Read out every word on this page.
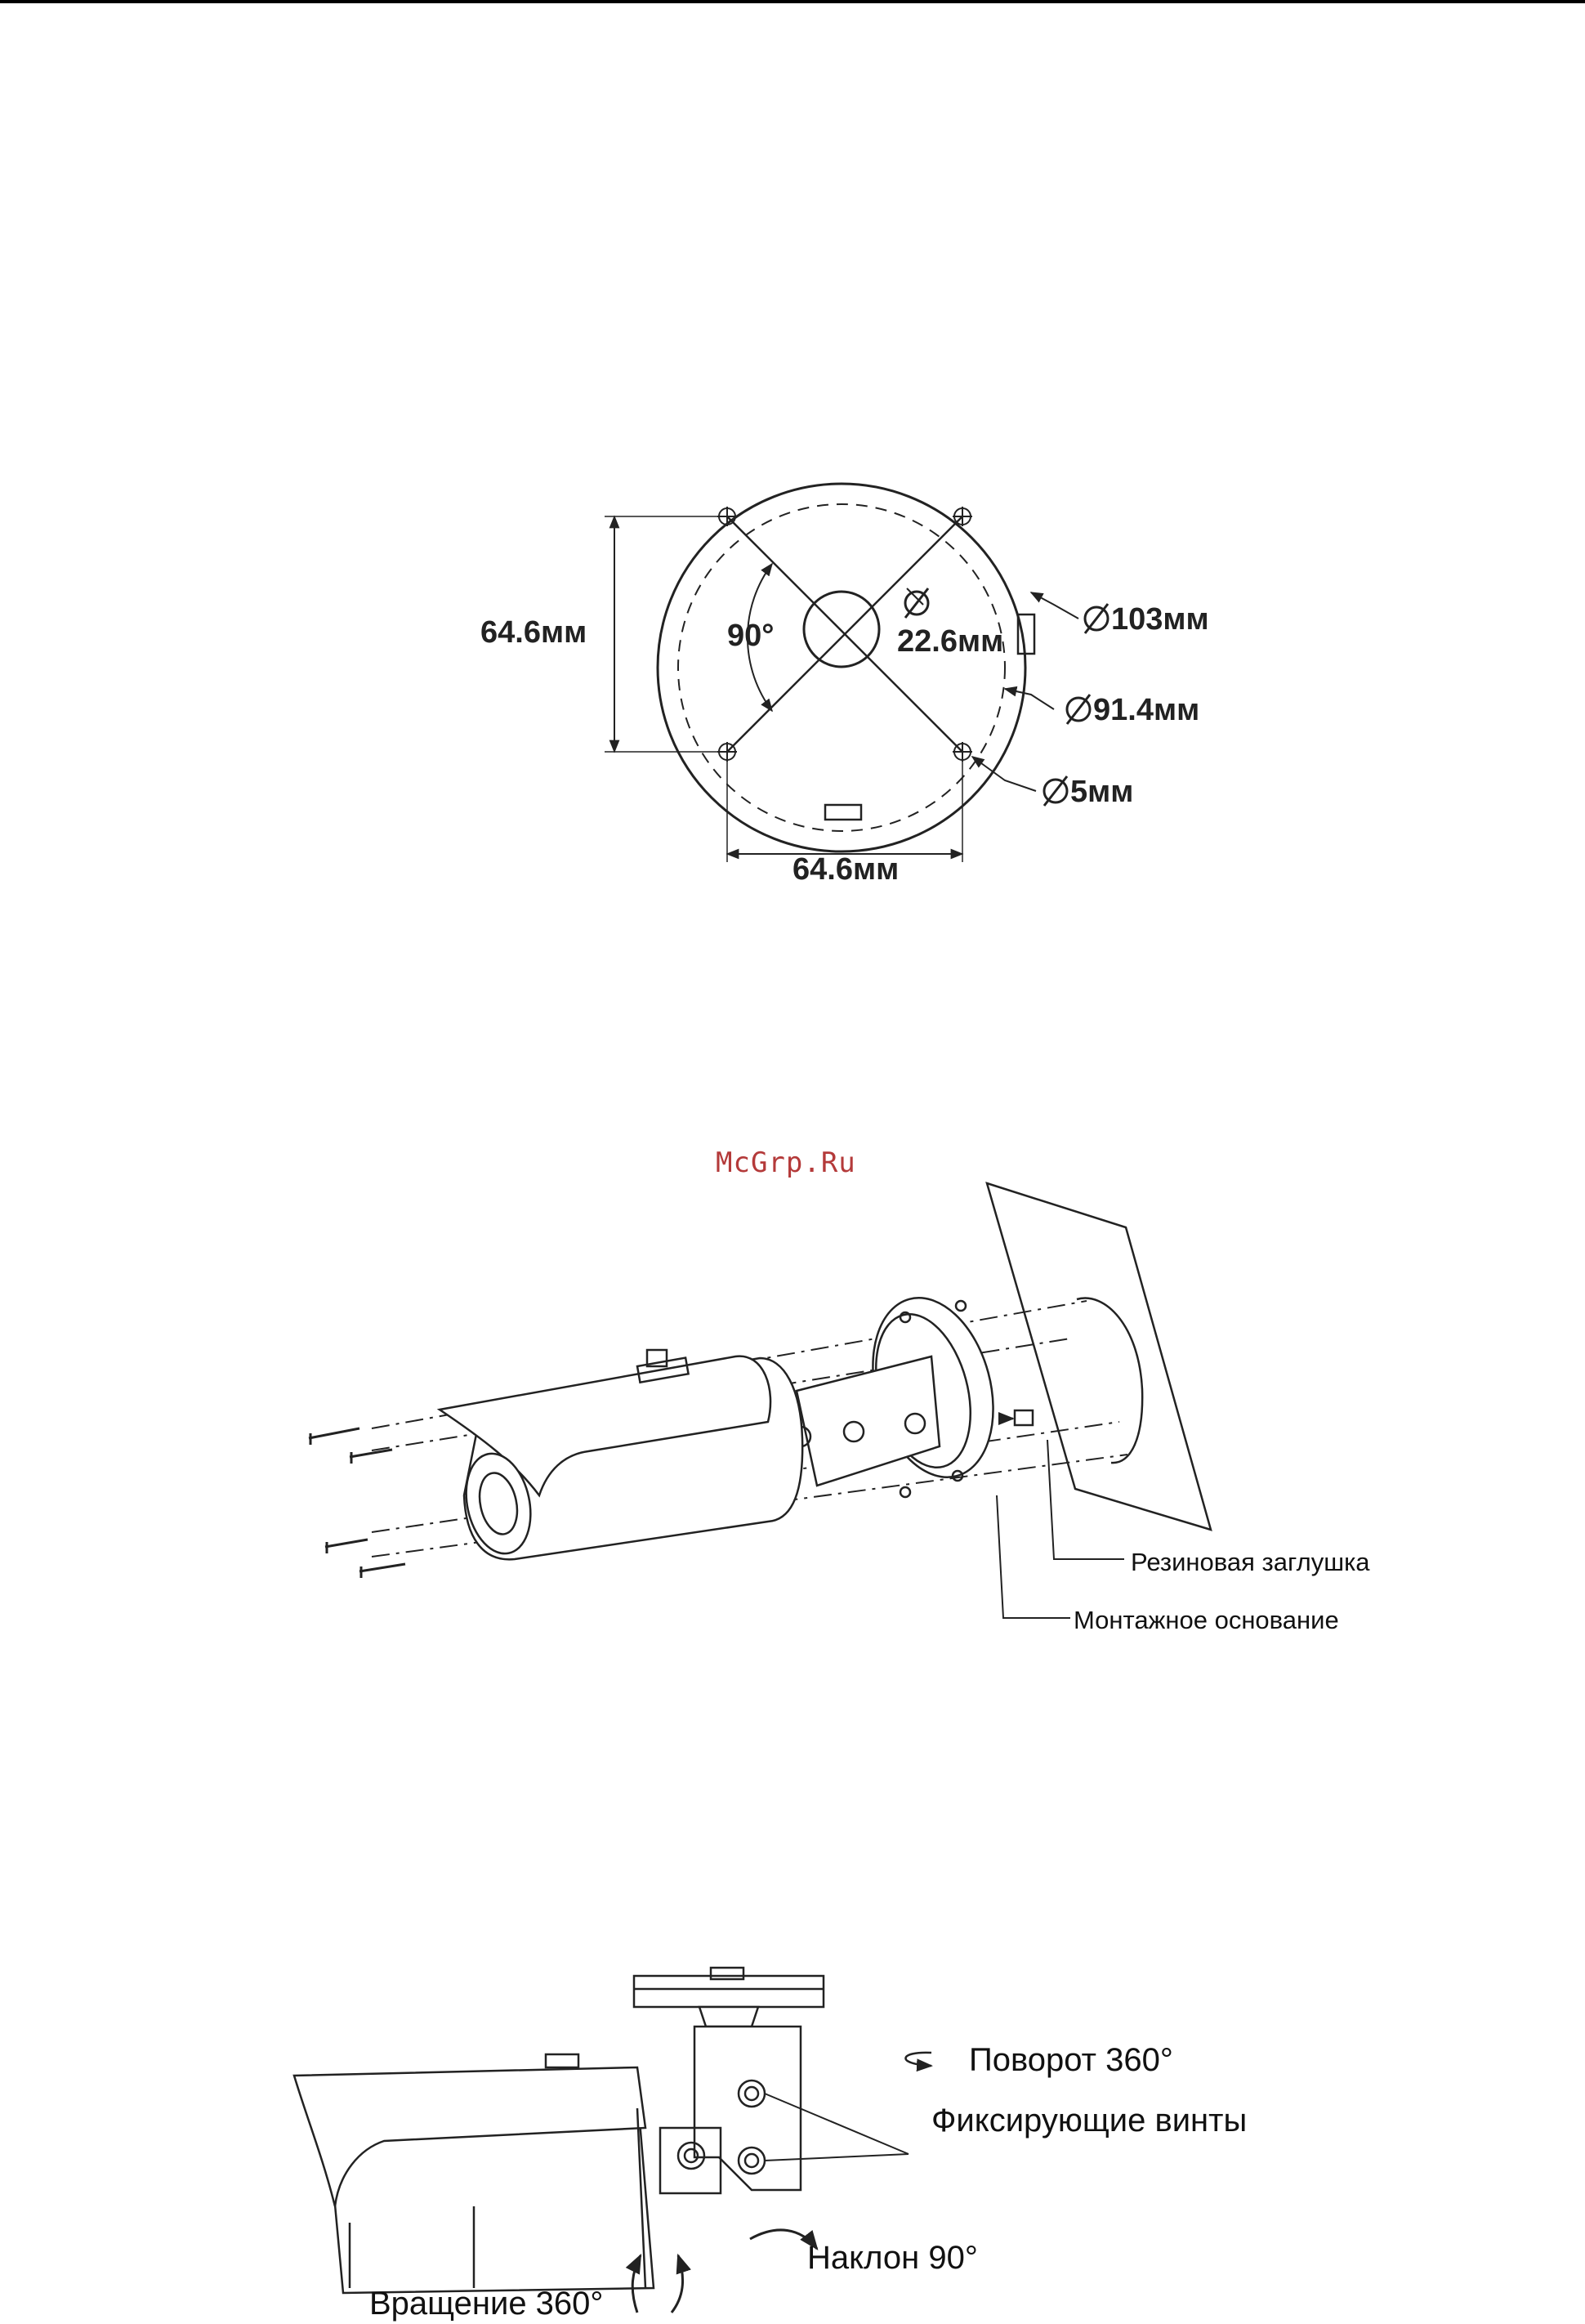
64.6мм
64.6мм
90°	22.6мм
103мм
91.4мм
5мм
McGrp.Ru
Резиновая заглушка
Монтажное основание
Поворот 360°
Фиксирующие винты
Наклон 90°
Вращение 360°
